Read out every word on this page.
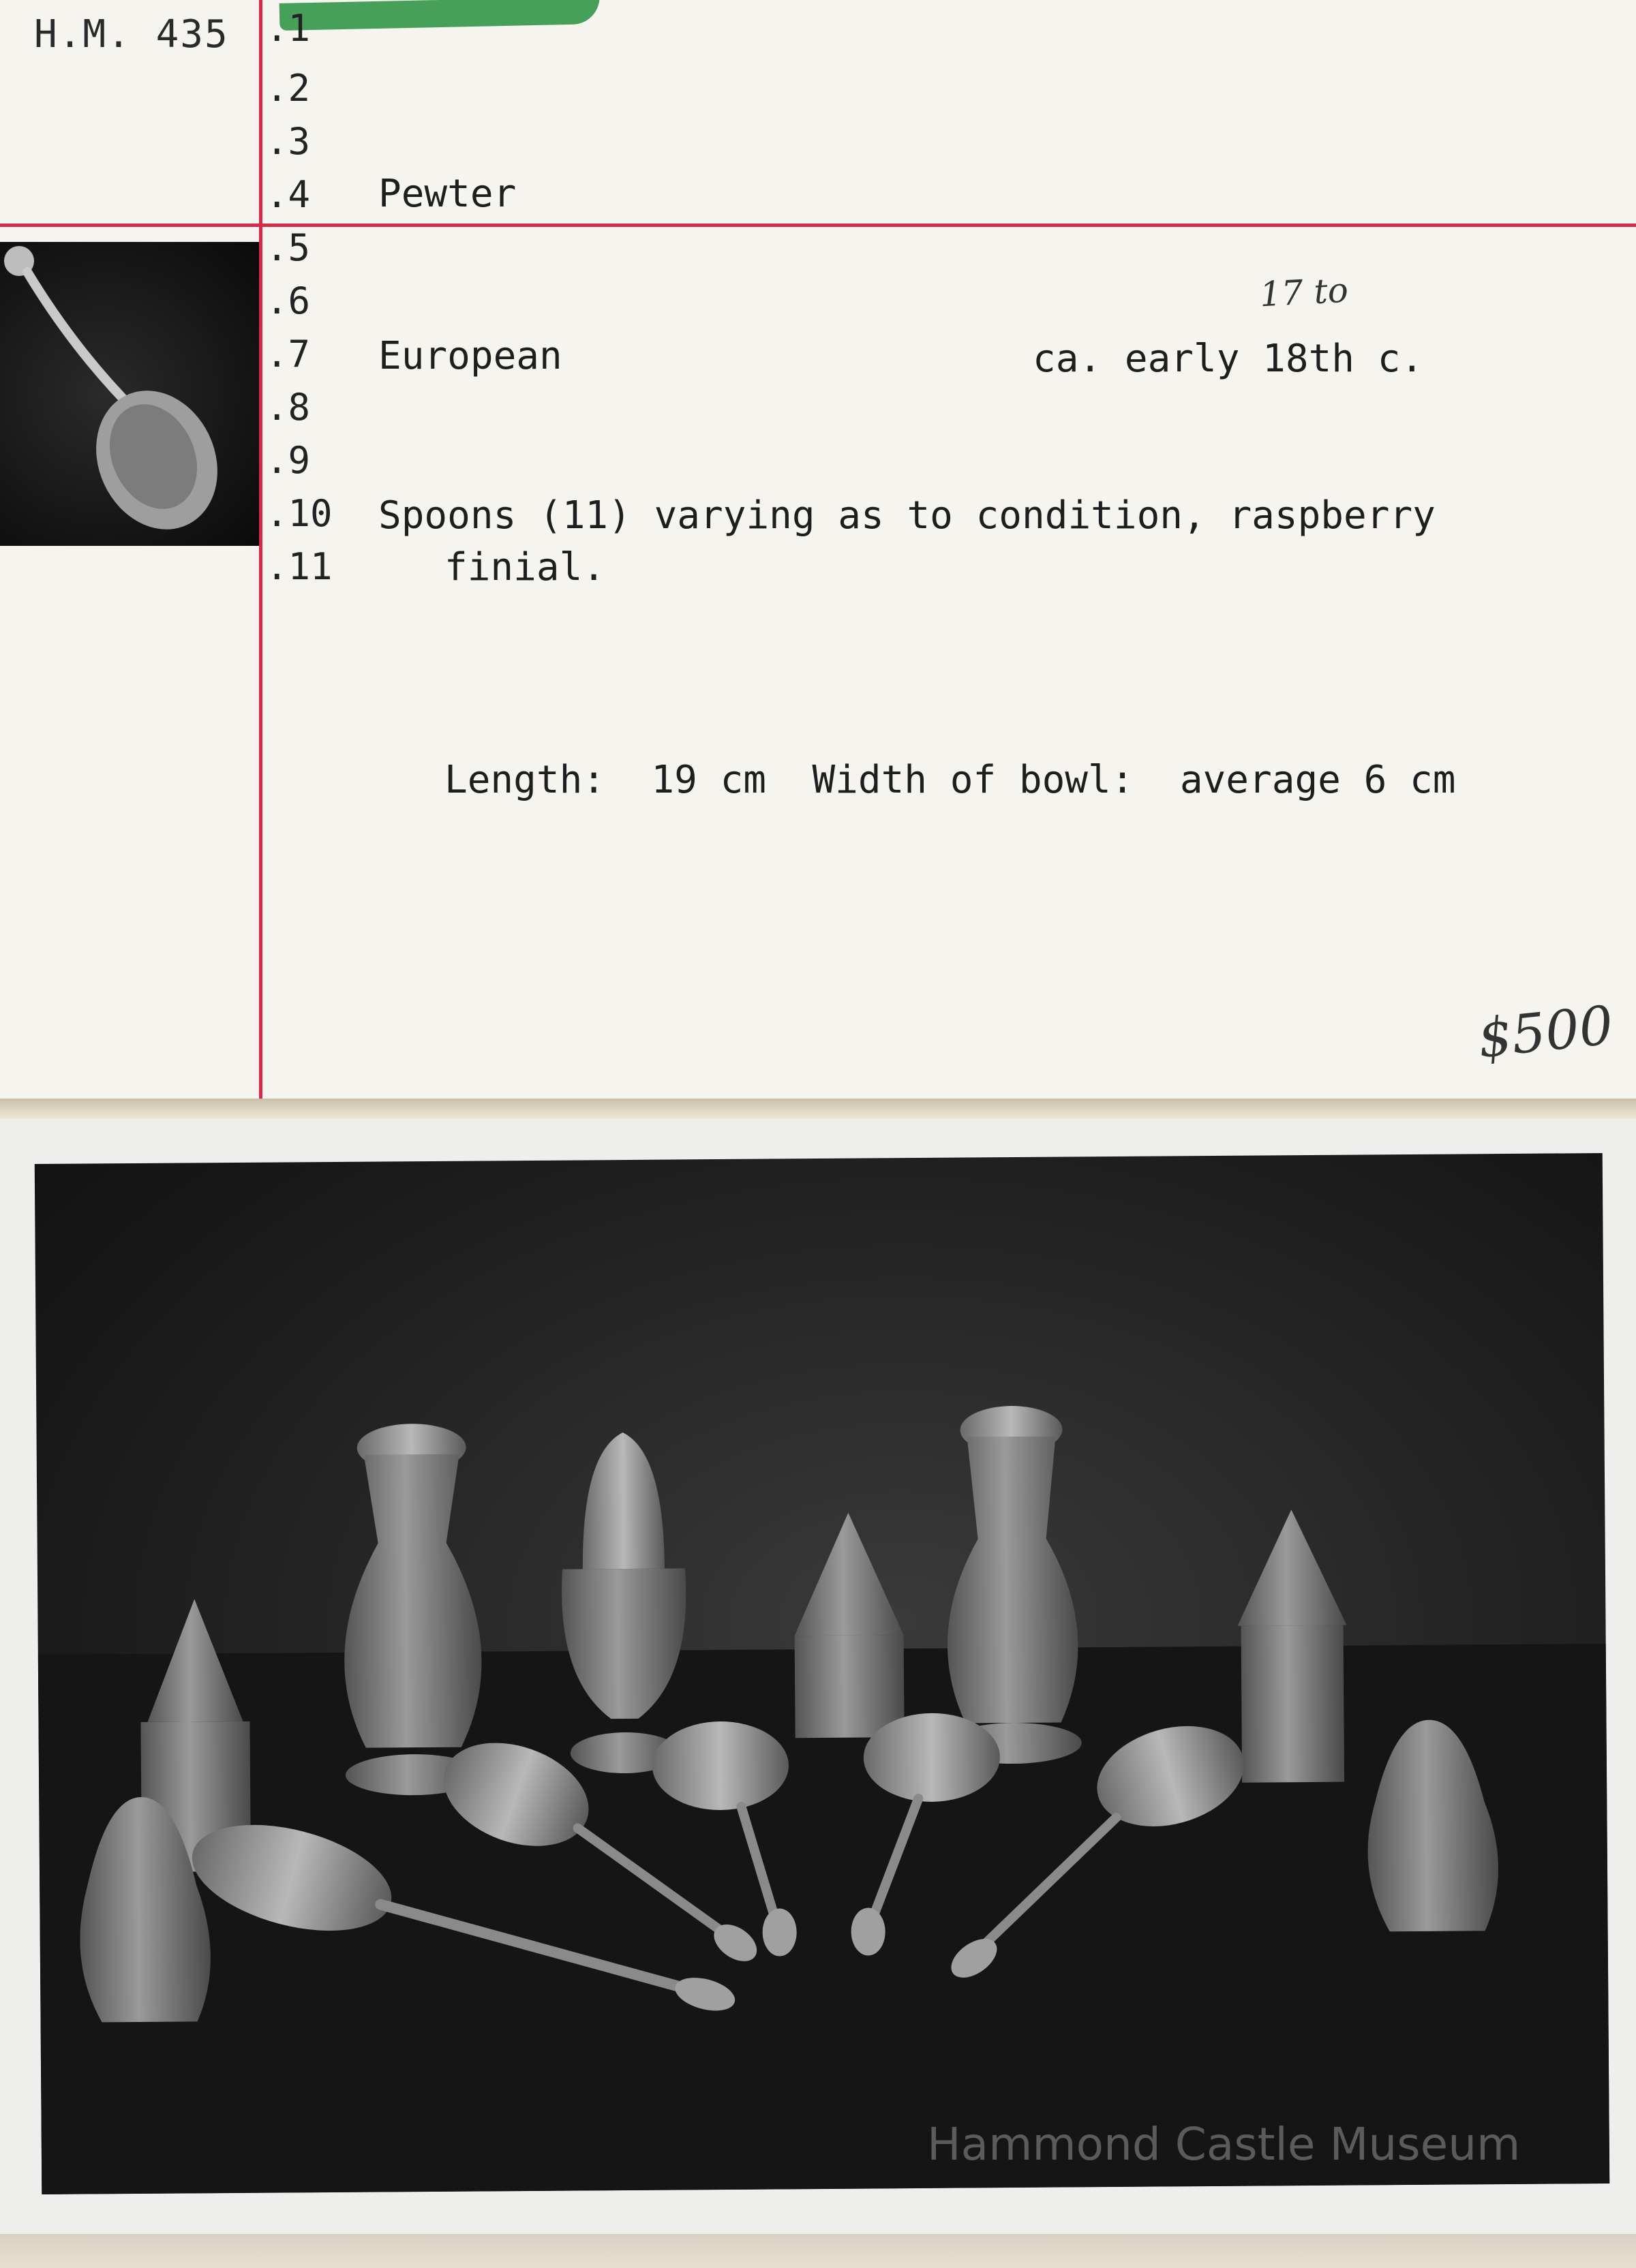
H.M. 435 .1
.2
.3
.4
.5
.6
.7
.8
.9
.10
.11
Pewter
European
17 to
ca. early 18th c.
Spoons (11) varying as to condition, raspberry
finial.
Length:  19 cm  Width of bowl:  average 6 cm
$500
Hammond Castle Museum
